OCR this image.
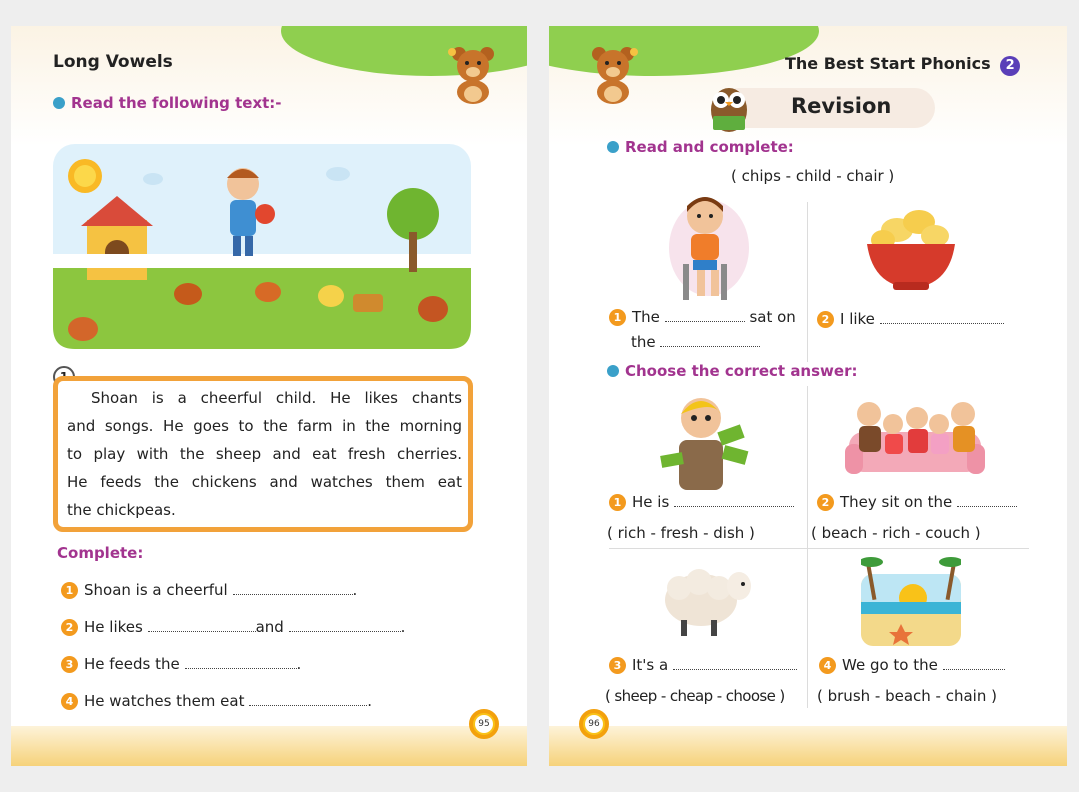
Long Vowels
Read the following text:-
Shoan is a cheerful child. He likes chants
and songs. He goes to the farm in the morning
to play with the sheep and eat fresh cherries.
He feeds the chickens and watches them eat
the chickpeas.
Complete:
1 Shoan is a cheerful	.
2 He likes	and	.
3 He feeds the	.
4 He watches them eat	.
95
The Best Start Phonics 2
Revision
Read and complete:
( chips - child - chair )
1 The	sat on
the
2 I like
Choose the correct answer:
1 He is
( rich - fresh - dish )
2 They sit on the
( beach - rich - couch )
3 It's a
( sheep - cheap - choose )
4 We go to the
( brush - beach - chain )
96
